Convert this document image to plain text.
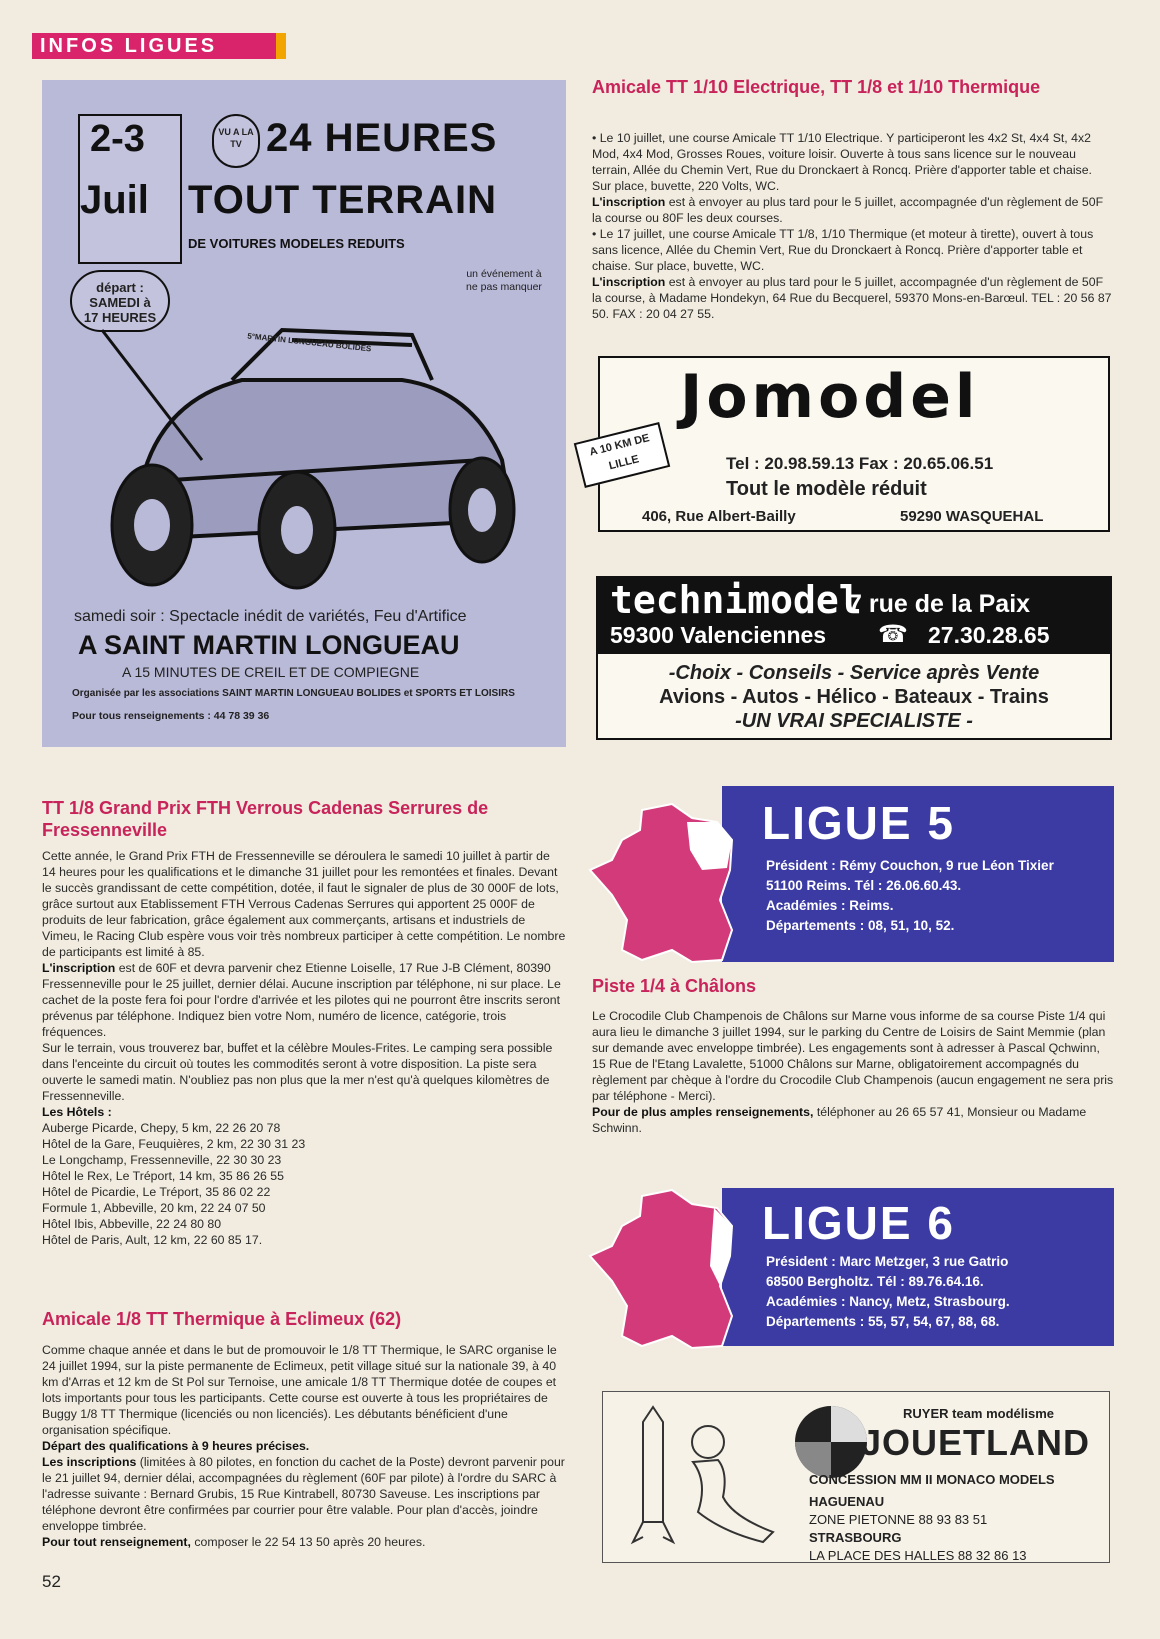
INFOS LIGUES
2-3
Juil
VU A LA TV 24 HEURES
TOUT TERRAIN
DE VOITURES MODELES REDUITS
départ : SAMEDI à 17 HEURES
un événement à ne pas manquer
5°MARTIN LONGUEAU BOLIDES
samedi soir : Spectacle inédit de variétés, Feu d'Artifice
A SAINT MARTIN LONGUEAU
A 15 MINUTES DE CREIL ET DE COMPIEGNE
Organisée par les associations SAINT MARTIN LONGUEAU BOLIDES et SPORTS ET LOISIRS
Pour tous renseignements : 44 78 39 36
Amicale TT 1/10 Electrique, TT 1/8 et 1/10 Thermique

• Le 10 juillet, une course Amicale TT 1/10 Electrique. Y participeront les 4x2 St, 4x4 St, 4x2 Mod, 4x4 Mod, Grosses Roues, voiture loisir. Ouverte à tous sans licence sur le nouveau terrain, Allée du Chemin Vert, Rue du Dronckaert à Roncq. Prière d'apporter table et chaise. Sur place, buvette, 220 Volts, WC.

L'inscription est à envoyer au plus tard pour le 5 juillet, accompagnée d'un règlement de 50F la course ou 80F les deux courses.

• Le 17 juillet, une course Amicale TT 1/8, 1/10 Thermique (et moteur à tirette), ouvert à tous sans licence, Allée du Chemin Vert, Rue du Dronckaert à Roncq. Prière d'apporter table et chaise. Sur place, buvette, WC.

L'inscription est à envoyer au plus tard pour le 5 juillet, accompagnée d'un règlement de 50F la course, à Madame Hondekyn, 64 Rue du Becquerel, 59370 Mons-en-Barœul. TEL : 20 56 87 50. FAX : 20 04 27 55.

Jomodel
A 10 KM DE LILLE	Tel : 20.98.59.13 Fax : 20.65.06.51
Tout le modèle réduit
406, Rue Albert-Bailly	59290 WASQUEHAL
technimodel
7 rue de la Paix
59300 Valenciennes ☎ 27.30.28.65
-Choix - Conseils - Service après Vente
Avions - Autos - Hélico - Bateaux - Trains
-UN VRAI SPECIALISTE -
TT 1/8 Grand Prix FTH Verrous Cadenas Serrures de Fressenneville

Cette année, le Grand Prix FTH de Fressenneville se déroulera le samedi 10 juillet à partir de 14 heures pour les qualifications et le dimanche 31 juillet pour les remontées et finales. Devant le succès grandissant de cette compétition, dotée, il faut le signaler de plus de 30 000F de lots, grâce surtout aux Etablissement FTH Verrous Cadenas Serrures qui apportent 25 000F de produits de leur fabrication, grâce également aux commerçants, artisans et industriels de Vimeu, le Racing Club espère vous voir très nombreux participer à cette compétition. Le nombre de participants est limité à 85.

L'inscription est de 60F et devra parvenir chez Etienne Loiselle, 17 Rue J-B Clément, 80390 Fressenneville pour le 25 juillet, dernier délai. Aucune inscription par téléphone, ni sur place. Le cachet de la poste fera foi pour l'ordre d'arrivée et les pilotes qui ne pourront être inscrits seront prévenus par téléphone. Indiquez bien votre Nom, numéro de licence, catégorie, trois fréquences.

Sur le terrain, vous trouverez bar, buffet et la célèbre Moules-Frites. Le camping sera possible dans l'enceinte du circuit où toutes les commodités seront à votre disposition. La piste sera ouverte le samedi matin. N'oubliez pas non plus que la mer n'est qu'à quelques kilomètres de Fressenneville.

Les Hôtels :

Auberge Picarde, Chepy, 5 km, 22 26 20 78

Hôtel de la Gare, Feuquières, 2 km, 22 30 31 23

Le Longchamp, Fressenneville, 22 30 30 23

Hôtel le Rex, Le Tréport, 14 km, 35 86 26 55

Hôtel de Picardie, Le Tréport, 35 86 02 22

Formule 1, Abbeville, 20 km, 22 24 07 50

Hôtel Ibis, Abbeville, 22 24 80 80

Hôtel de Paris, Ault, 12 km, 22 60 85 17.

Amicale 1/8 TT Thermique à Eclimeux (62)

Comme chaque année et dans le but de promouvoir le 1/8 TT Thermique, le SARC organise le 24 juillet 1994, sur la piste permanente de Eclimeux, petit village situé sur la nationale 39, à 40 km d'Arras et 12 km de St Pol sur Ternoise, une amicale 1/8 TT Thermique dotée de coupes et lots importants pour tous les participants. Cette course est ouverte à tous les propriétaires de Buggy 1/8 TT Thermique (licenciés ou non licenciés). Les débutants bénéficient d'une organisation spécifique.

Départ des qualifications à 9 heures précises.

Les inscriptions (limitées à 80 pilotes, en fonction du cachet de la Poste) devront parvenir pour le 21 juillet 94, dernier délai, accompagnées du règlement (60F par pilote) à l'ordre du SARC à l'adresse suivante : Bernard Grubis, 15 Rue Kintrabell, 80730 Saveuse. Les inscriptions par téléphone devront être confirmées par courrier pour être valable. Pour plan d'accès, joindre enveloppe timbrée.

Pour tout renseignement, composer le 22 54 13 50 après 20 heures.

LIGUE 5
Président : Rémy Couchon, 9 rue Léon Tixier
51100 Reims. Tél : 26.06.60.43.
Académies : Reims.
Départements : 08, 51, 10, 52.
Piste 1/4 à Châlons

Le Crocodile Club Champenois de Châlons sur Marne vous informe de sa course Piste 1/4 qui aura lieu le dimanche 3 juillet 1994, sur le parking du Centre de Loisirs de Saint Memmie (plan sur demande avec enveloppe timbrée). Les engagements sont à adresser à Pascal Qchwinn, 15 Rue de l'Etang Lavalette, 51000 Châlons sur Marne, obligatoirement accompagnés du règlement par chèque à l'ordre du Crocodile Club Champenois (aucun engagement ne sera pris par téléphone - Merci).

Pour de plus amples renseignements, téléphoner au 26 65 57 41, Monsieur ou Madame Schwinn.

LIGUE 6
Président : Marc Metzger, 3 rue Gatrio
68500 Bergholtz. Tél : 89.76.64.16.
Académies : Nancy, Metz, Strasbourg.
Départements : 55, 57, 54, 67, 88, 68.
RUYER team modélisme
JOUETLAND
CONCESSION MM II MONACO MODELS
HAGUENAU
ZONE PIETONNE 88 93 83 51
STRASBOURG
LA PLACE DES HALLES 88 32 86 13
52
